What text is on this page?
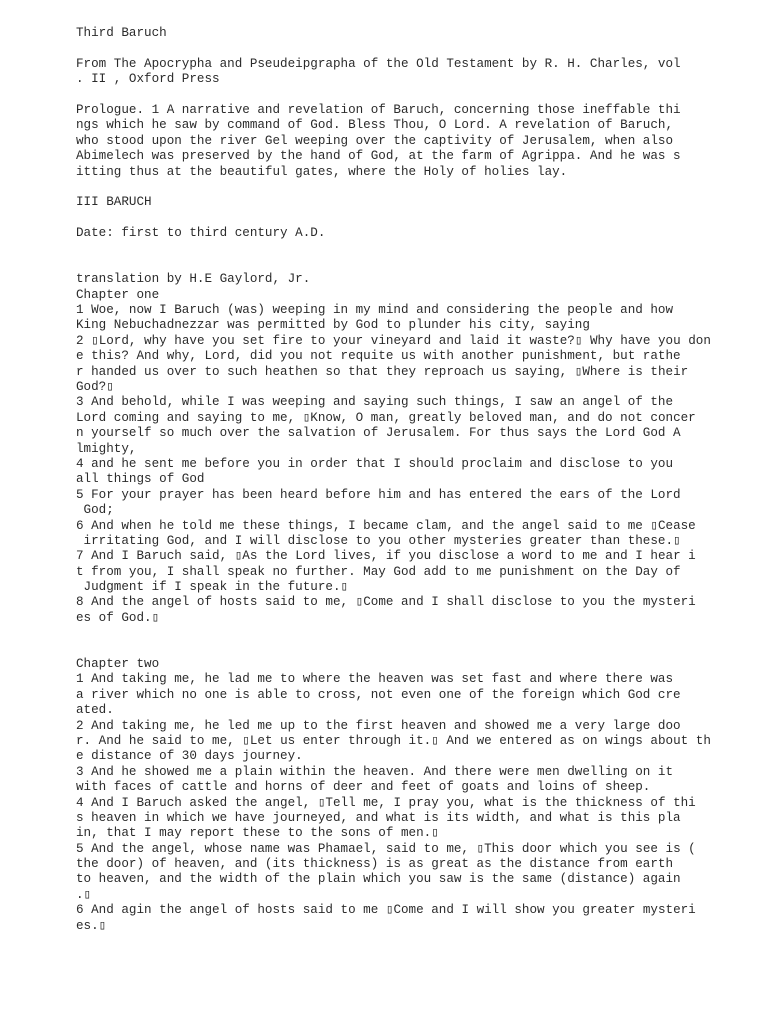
Third Baruch
From The Apocrypha and Pseudeipgrapha of the Old Testament by R. H. Charles, vol
. II , Oxford Press
Prologue. 1 A narrative and revelation of Baruch, concerning those ineffable thi
ngs which he saw by command of God. Bless Thou, O Lord. A revelation of Baruch,
who stood upon the river Gel weeping over the captivity of Jerusalem, when also
Abimelech was preserved by the hand of God, at the farm of Agrippa. And he was s
itting thus at the beautiful gates, where the Holy of holies lay.
III BARUCH
Date: first to third century A.D.
translation by H.E Gaylord, Jr.
Chapter one
1 Woe, now I Baruch (was) weeping in my mind and considering the people and how
King Nebuchadnezzar was permitted by God to plunder his city, saying
2 ▯Lord, why have you set fire to your vineyard and laid it waste?▯ Why have you don
e this? And why, Lord, did you not requite us with another punishment, but rathe
r handed us over to such heathen so that they reproach us saying, ▯Where is their
God?▯
3 And behold, while I was weeping and saying such things, I saw an angel of the
Lord coming and saying to me, ▯Know, O man, greatly beloved man, and do not concer
n yourself so much over the salvation of Jerusalem. For thus says the Lord God A
lmighty,
4 and he sent me before you in order that I should proclaim and disclose to you
all things of God
5 For your prayer has been heard before him and has entered the ears of the Lord
God;
6 And when he told me these things, I became clam, and the angel said to me ▯Cease
irritating God, and I will disclose to you other mysteries greater than these.▯
7 And I Baruch said, ▯As the Lord lives, if you disclose a word to me and I hear i
t from you, I shall speak no further. May God add to me punishment on the Day of
Judgment if I speak in the future.▯
8 And the angel of hosts said to me, ▯Come and I shall disclose to you the mysteri
es of God.▯
Chapter two
1 And taking me, he lad me to where the heaven was set fast and where there was
a river which no one is able to cross, not even one of the foreign which God cre
ated.
2 And taking me, he led me up to the first heaven and showed me a very large doo
r. And he said to me, ▯Let us enter through it.▯ And we entered as on wings about th
e distance of 30 days journey.
3 And he showed me a plain within the heaven. And there were men dwelling on it
with faces of cattle and horns of deer and feet of goats and loins of sheep.
4 And I Baruch asked the angel, ▯Tell me, I pray you, what is the thickness of thi
s heaven in which we have journeyed, and what is its width, and what is this pla
in, that I may report these to the sons of men.▯
5 And the angel, whose name was Phamael, said to me, ▯This door which you see is (
the door) of heaven, and (its thickness) is as great as the distance from earth
to heaven, and the width of the plain which you saw is the same (distance) again
.▯
6 And agin the angel of hosts said to me ▯Come and I will show you greater mysteri
es.▯
